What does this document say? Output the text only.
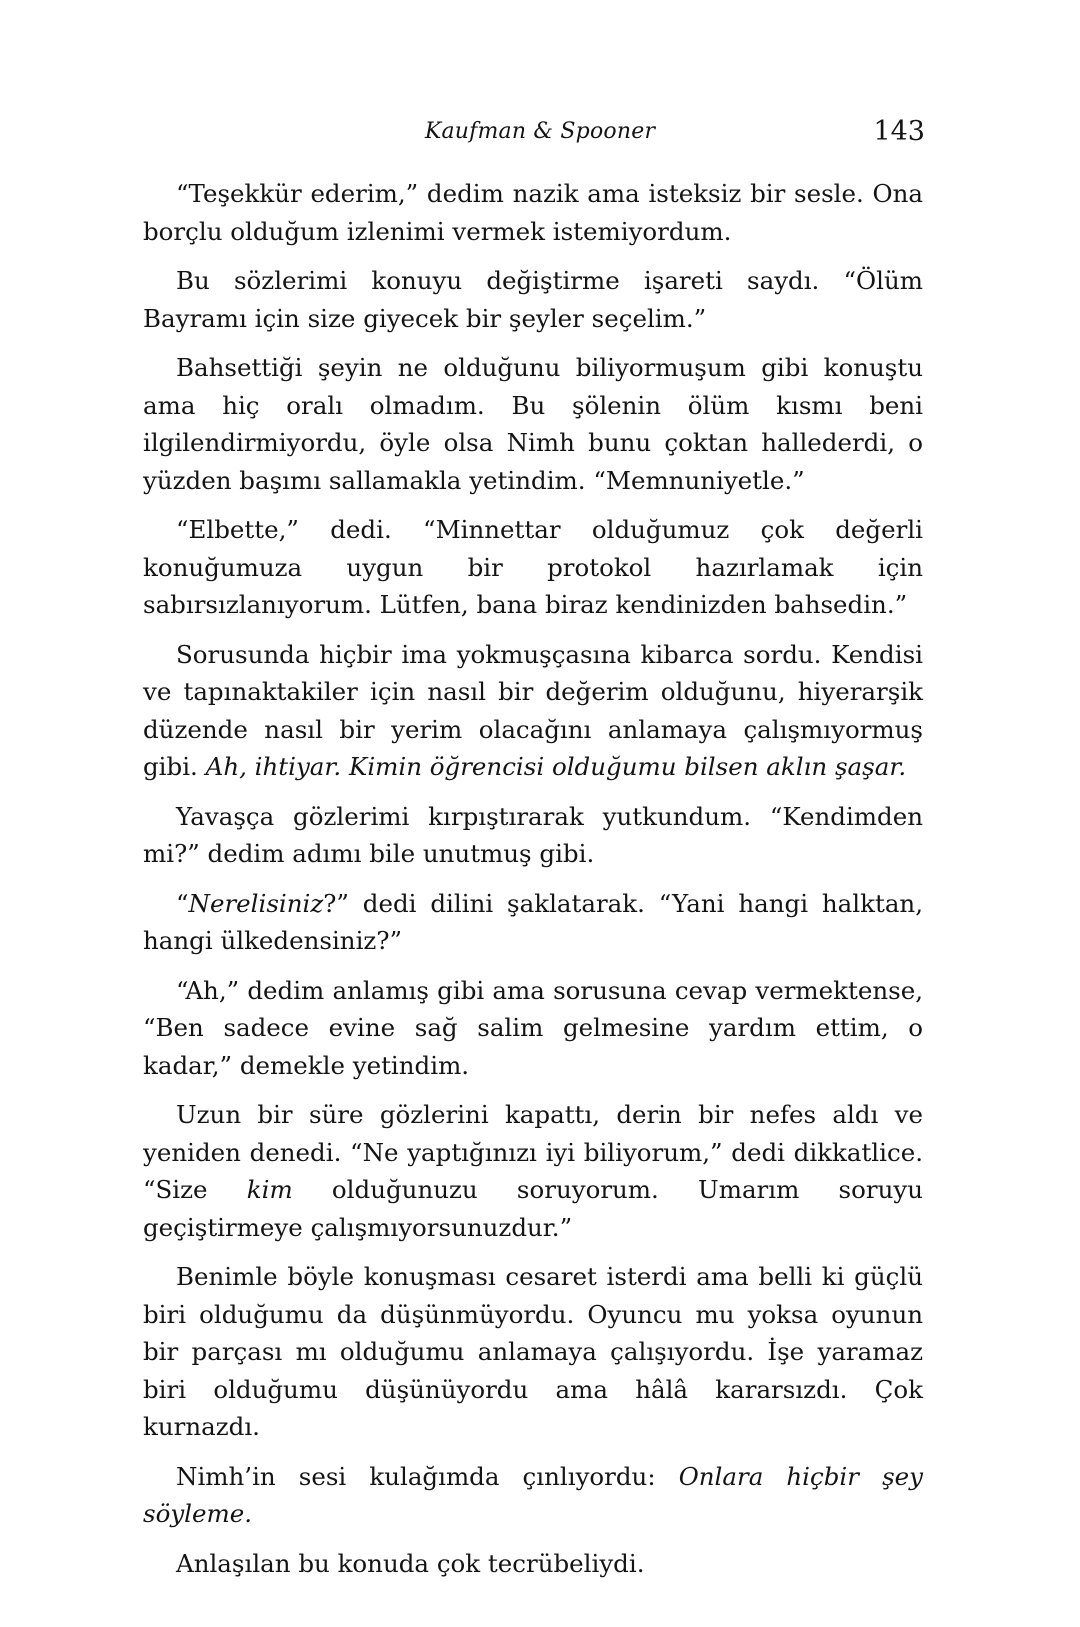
Kaufman & Spooner	143

“Teşekkür ederim,” dedim nazik ama isteksiz bir sesle. Ona borçlu olduğum izlenimi vermek istemiyordum.

Bu sözlerimi konuyu değiştirme işareti saydı. “Ölüm Bayramı için size giyecek bir şeyler seçelim.”

Bahsettiği şeyin ne olduğunu biliyormuşum gibi konuştu ama hiç oralı olmadım. Bu şölenin ölüm kısmı beni ilgilendirmiyordu, öyle olsa Nimh bunu çoktan hallederdi, o yüzden başımı sallamakla yetindim. “Memnuniyetle.”

“Elbette,” dedi. “Minnettar olduğumuz çok değerli konuğumuza uygun bir protokol hazırlamak için sabırsızlanıyorum. Lütfen, bana biraz kendinizden bahsedin.”

Sorusunda hiçbir ima yokmuşçasına kibarca sordu. Kendisi ve tapınaktakiler için nasıl bir değerim olduğunu, hiyerarşik düzende nasıl bir yerim olacağını anlamaya çalışmıyormuş gibi. Ah, ihtiyar. Kimin öğrencisi olduğumu bilsen aklın şaşar.

Yavaşça gözlerimi kırpıştırarak yutkundum. “Kendimden mi?” dedim adımı bile unutmuş gibi.

“Nerelisiniz?” dedi dilini şaklatarak. “Yani hangi halktan, hangi ülkedensiniz?”

“Ah,” dedim anlamış gibi ama sorusuna cevap vermektense, “Ben sadece evine sağ salim gelmesine yardım ettim, o kadar,” demekle yetindim.

Uzun bir süre gözlerini kapattı, derin bir nefes aldı ve yeniden denedi. “Ne yaptığınızı iyi biliyorum,” dedi dikkatlice. “Size kim olduğunuzu soruyorum. Umarım soruyu geçiştirmeye çalışmıyorsunuzdur.”

Benimle böyle konuşması cesaret isterdi ama belli ki güçlü biri olduğumu da düşünmüyordu. Oyuncu mu yoksa oyunun bir parçası mı olduğumu anlamaya çalışıyordu. İşe yaramaz biri olduğumu düşünüyordu ama hâlâ kararsızdı. Çok kurnazdı.

Nimh’in sesi kulağımda çınlıyordu: Onlara hiçbir şey söyleme.

Anlaşılan bu konuda çok tecrübeliydi.
